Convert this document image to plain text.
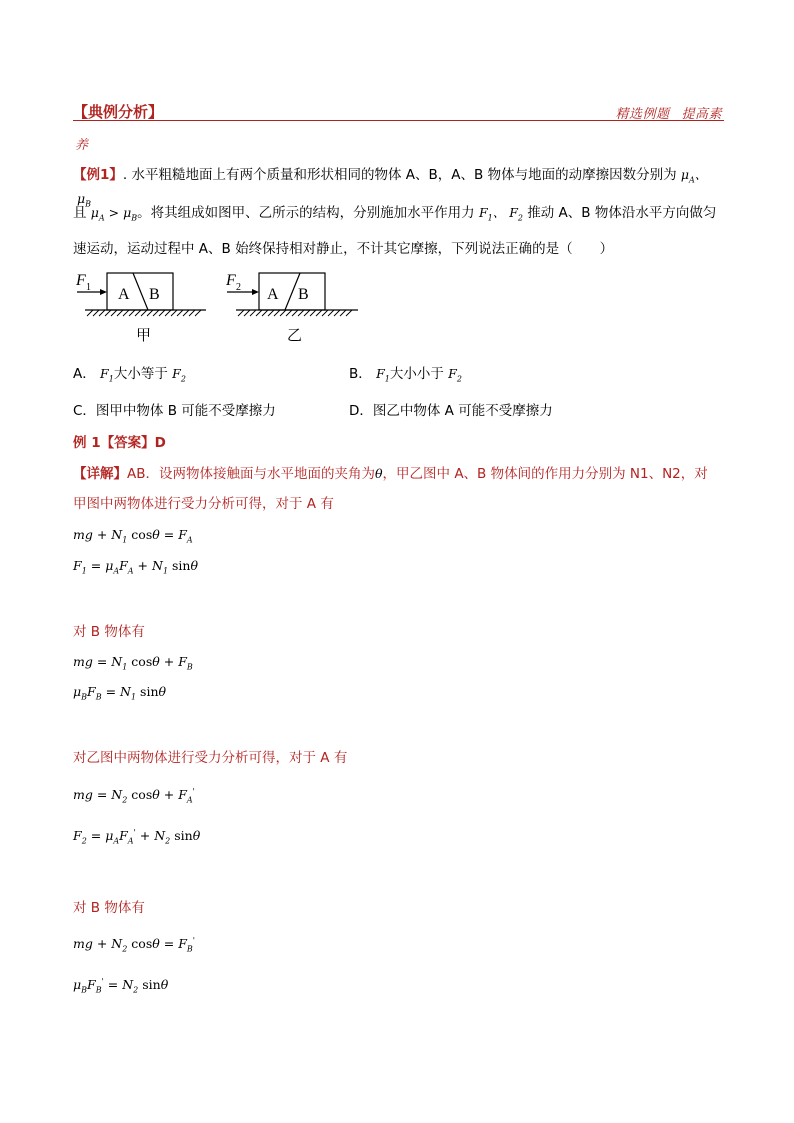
【典例分析】	精选例题 提高素
养
【例1】. 水平粗糙地面上有两个质量和形状相同的物体 A、B，A、B 物体与地面的动摩擦因数分别为 $\mu_A$、$\mu_B$
且 $\mu_A > \mu_B$。将其组成如图甲、乙所示的结构，分别施加水平作用力 $F_1$、 $F_2$ 推动 A、B 物体沿水平方向做匀
速运动，运动过程中 A、B 始终保持相对静止，不计其它摩擦，下列说法正确的是（　　）
F 1 A B
甲
F 2 A B
乙
A． $F_1$大小等于 $F_2$	B． $F_1$大小小于 $F_2$
C．图甲中物体 B 可能不受摩擦力	D．图乙中物体 A 可能不受摩擦力
例 1【答案】D
【详解】AB．设两物体接触面与水平地面的夹角为θ，甲乙图中 A、B 物体间的作用力分别为 N1、N2，对
甲图中两物体进行受力分析可得，对于 A 有
mg + $N_1$ $\cos\theta = F_A$
$F_1 = \mu_AF_A + N_1$ sinθ
对 B 物体有
mg = $N_1$ $\cos\theta + F_B$
$\mu_BF_B = N_1$ sinθ
对乙图中两物体进行受力分析可得，对于 A 有
mg = $N_2$ $\cos\theta + F_A'$
$F_2 = \mu_AF_A' + N_2$ sinθ
对 B 物体有
mg + $N_2$ $\cos\theta = F_B'$
$\mu_BF_B' = N_2$ sinθ
